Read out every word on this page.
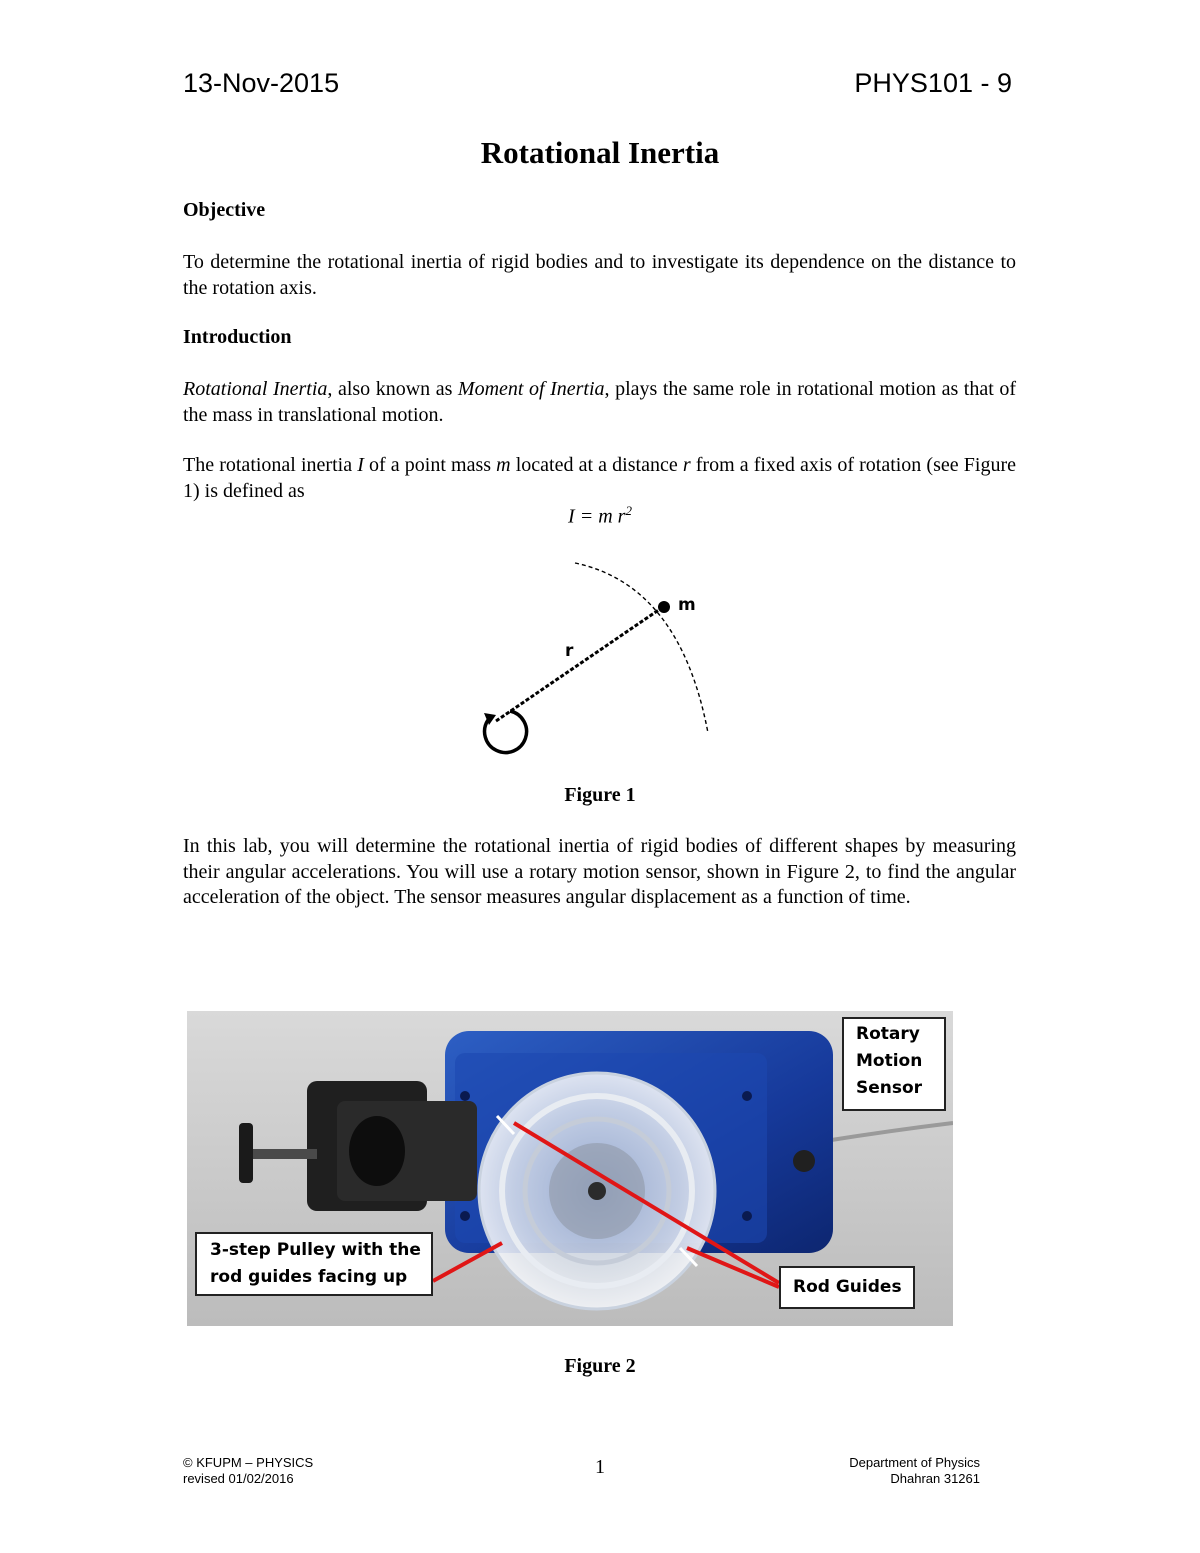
13-Nov-2015	PHYS101 - 9
Rotational Inertia
Objective

To determine the rotational inertia of rigid bodies and to investigate its dependence on the distance to the rotation axis.

Introduction

Rotational Inertia, also known as Moment of Inertia, plays the same role in rotational motion as that of the mass in translational motion.

The rotational inertia I of a point mass m located at a distance r from a fixed axis of rotation (see Figure 1) is defined as

I = m $r^2$
m
r
Figure 1

In this lab, you will determine the rotational inertia of rigid bodies of different shapes by measuring their angular accelerations. You will use a rotary motion sensor, shown in Figure 2, to find the angular acceleration of the object. The sensor measures angular displacement as a function of time.

Rotary
Motion
Sensor
3-step Pulley with the
rod guides facing up	Rod Guides
Figure 2
© KFUPM – PHYSICS
revised 01/02/2016
1	Department of Physics
Dhahran 31261
